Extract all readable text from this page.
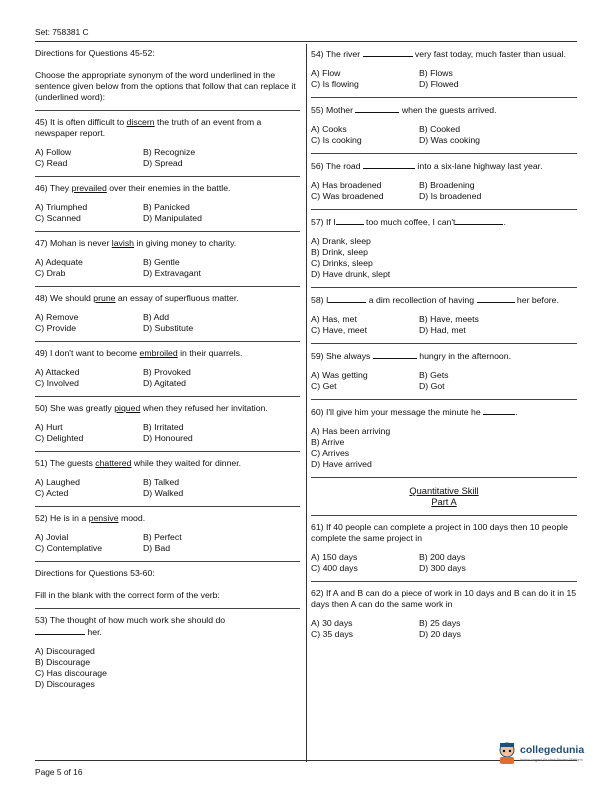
Set: 758381 C
Directions for Questions 45-52:
Choose the appropriate synonym of the word underlined in the sentence given below from the options that follow that can replace it (underlined word):
45) It is often difficult to discern the truth of an event from a newspaper report.
A) Follow	B) Recognize
C) Read	D) Spread
46) They prevailed over their enemies in the battle.
A) Triumphed	B) Panicked
C) Scanned	D) Manipulated
47) Mohan is never lavish in giving money to charity.
A) Adequate	B) Gentle
C) Drab	D) Extravagant
48) We should prune an essay of superfluous matter.
A) Remove	B) Add
C) Provide	D) Substitute
49) I don't want to become embroiled in their quarrels.
A) Attacked	B) Provoked
C) Involved	D) Agitated
50) She was greatly piqued when they refused her invitation.
A) Hurt	B) Irritated
C) Delighted	D) Honoured
51) The guests chattered while they waited for dinner.
A) Laughed	B) Talked
C) Acted	D) Walked
52) He is in a pensive mood.
A) Jovial	B) Perfect
C) Contemplative	D) Bad
Directions for Questions 53-60:
Fill in the blank with the correct form of the verb:
53) The thought of how much work she should do
her.
A) Discouraged
B) Discourage
C) Has discourage
D) Discourages
54) The river	very fast today, much faster than usual.
A) Flow	B) Flows
C) Is flowing	D) Flowed
55) Mother	when the guests arrived.
A) Cooks	B) Cooked
C) Is cooking	D) Was cooking
56) The road	into a six-lane highway last year.
A) Has broadened	B) Broadening
C) Was broadened	D) Is broadened
57) If I	too much coffee, I can't	.
A) Drank, sleep
B) Drink, sleep
C) Drinks, sleep
D) Have drunk, slept
58) I	a dim recollection of having	her before.
A) Has, met	B) Have, meets
C) Have, meet	D) Had, met
59) She always	hungry in the afternoon.
A) Was getting	B) Gets
C) Get	D) Got
60) I'll give him your message the minute he	.
A) Has been arriving
B) Arrive
C) Arrives
D) Have arrived
Quantitative Skill
Part A
61) If 40 people can complete a project in 100 days then 10 people complete the same project in
A) 150 days	B) 200 days
C) 400 days	D) 300 days
62) If A and B can do a piece of work in 10 days and B can do it in 15 days then A can do the same work in
A) 30 days	B) 25 days
C) 35 days	D) 20 days
Page 5 of 16
collegedunia
India's largest Student Review Platform
